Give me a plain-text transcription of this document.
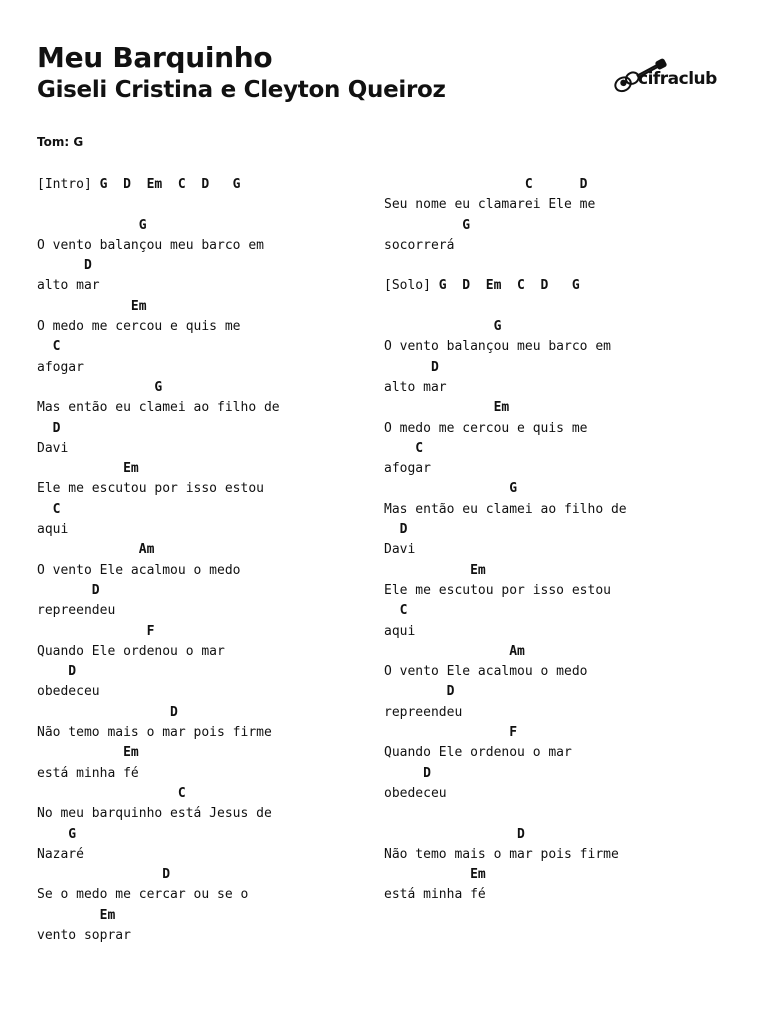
Meu Barquinho
Giseli Cristina e Cleyton Queiroz	cifraclub
Tom: G
[Intro] G  D  Em  C  D   G
G
O vento balançou meu barco em
D
alto mar
Em
O medo me cercou e quis me
C
afogar
G
Mas então eu clamei ao filho de
D
Davi
Em
Ele me escutou por isso estou
C
aqui
Am
O vento Ele acalmou o medo
D
repreendeu
F
Quando Ele ordenou o mar
D
obedeceu
D
Não temo mais o mar pois firme
Em
está minha fé
C
No meu barquinho está Jesus de
G
Nazaré
D
Se o medo me cercar ou se o
Em
vento soprar
C      D
Seu nome eu clamarei Ele me
G
socorrerá
[Solo] G  D  Em  C  D   G
G
O vento balançou meu barco em
D
alto mar
Em
O medo me cercou e quis me
C
afogar
G
Mas então eu clamei ao filho de
D
Davi
Em
Ele me escutou por isso estou
C
aqui
Am
O vento Ele acalmou o medo
D
repreendeu
F
Quando Ele ordenou o mar
D
obedeceu
D
Não temo mais o mar pois firme
Em
está minha fé
